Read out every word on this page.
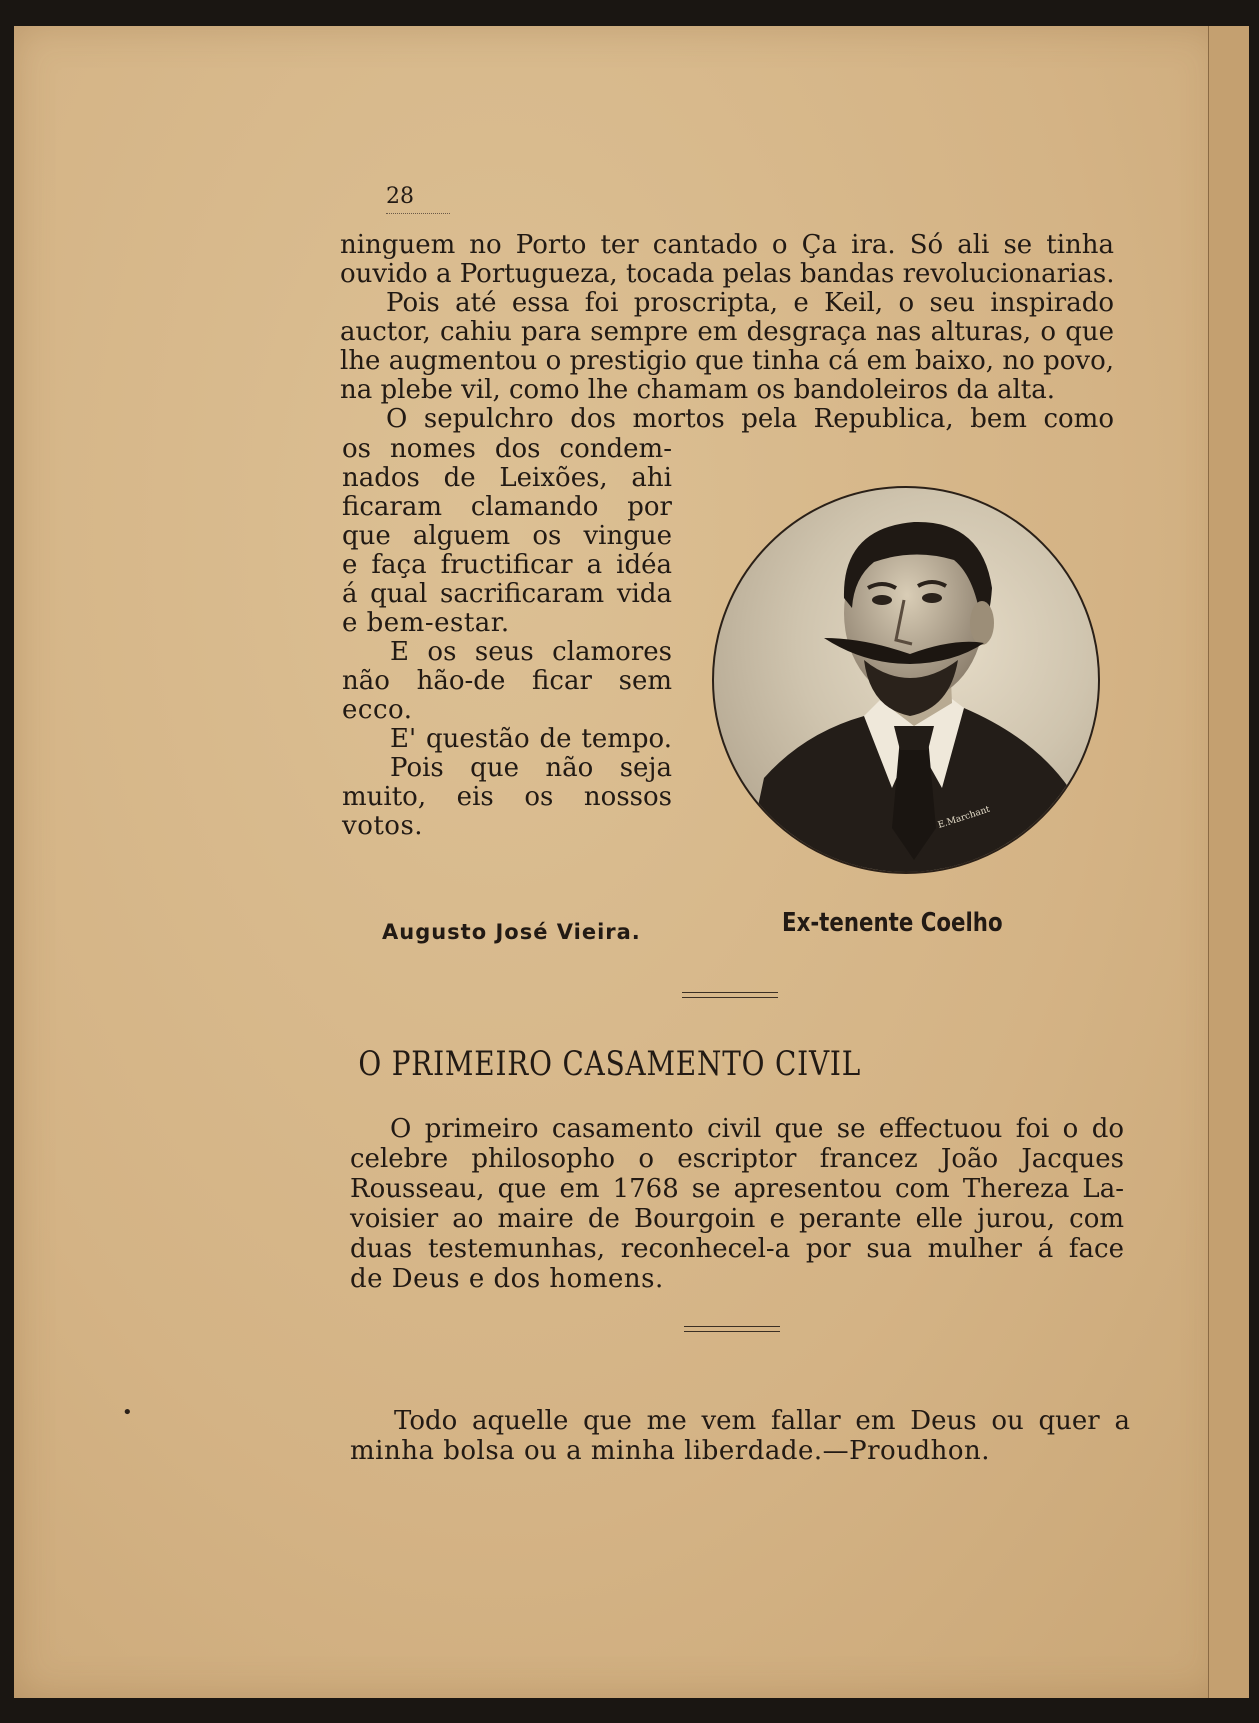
28
ninguem no Porto ter cantado o Ça ira. Só ali se tinha
ouvido a Portugueza, tocada pelas bandas revolucionarias.
Pois até essa foi proscripta, e Keil, o seu inspirado
auctor, cahiu para sempre em desgraça nas alturas, o que
lhe augmentou o prestigio que tinha cá em baixo, no povo,
na plebe vil, como lhe chamam os bandoleiros da alta.
O sepulchro dos mortos pela Republica, bem como
os nomes dos condem-
nados de Leixões, ahi
ficaram clamando por
que alguem os vingue
e faça fructificar a idéa
á qual sacrificaram vida
e bem-estar.
E os seus clamores
não hão-de ficar sem
ecco.
E' questão de tempo.
Pois que não seja
muito, eis os nossos
votos.	E.Marchant
Augusto José Vieira.	Ex-tenente Coelho
O PRIMEIRO CASAMENTO CIVIL
O primeiro casamento civil que se effectuou foi o do
celebre philosopho o escriptor francez João Jacques
Rousseau, que em 1768 se apresentou com Thereza La-
voisier ao maire de Bourgoin e perante elle jurou, com
duas testemunhas, reconhecel-a por sua mulher á face
de Deus e dos homens.
Todo aquelle que me vem fallar em Deus ou quer a
minha bolsa ou a minha liberdade.—Proudhon.
•
